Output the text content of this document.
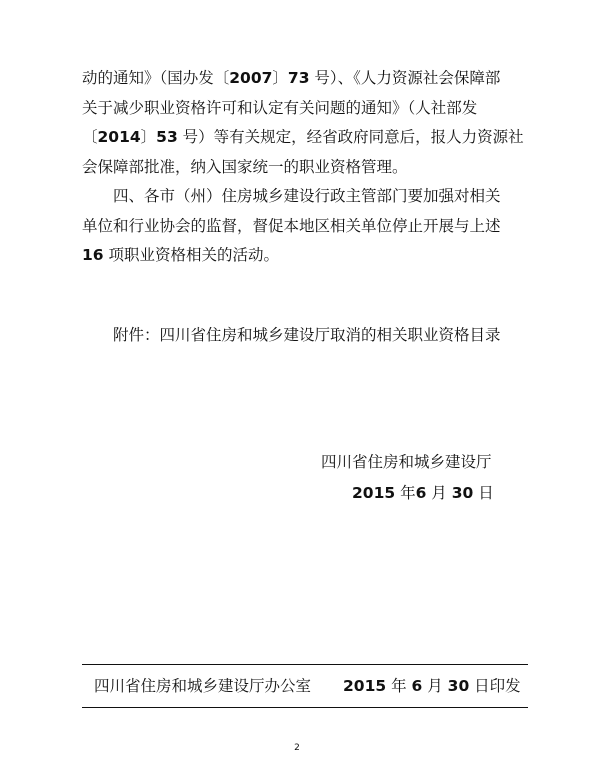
动的通知》（国办发〔2007〕73 号）、《人力资源社会保障部
关于减少职业资格许可和认定有关问题的通知》（人社部发
〔2014〕53 号）等有关规定，经省政府同意后，报人力资源社
会保障部批准，纳入国家统一的职业资格管理。
四、各市（州）住房城乡建设行政主管部门要加强对相关
单位和行业协会的监督，督促本地区相关单位停止开展与上述
16 项职业资格相关的活动。
附件：四川省住房和城乡建设厅取消的相关职业资格目录
四川省住房和城乡建设厅
2015 年6 月 30 日
四川省住房和城乡建设厅办公室 2015 年 6 月 30 日印发
2
